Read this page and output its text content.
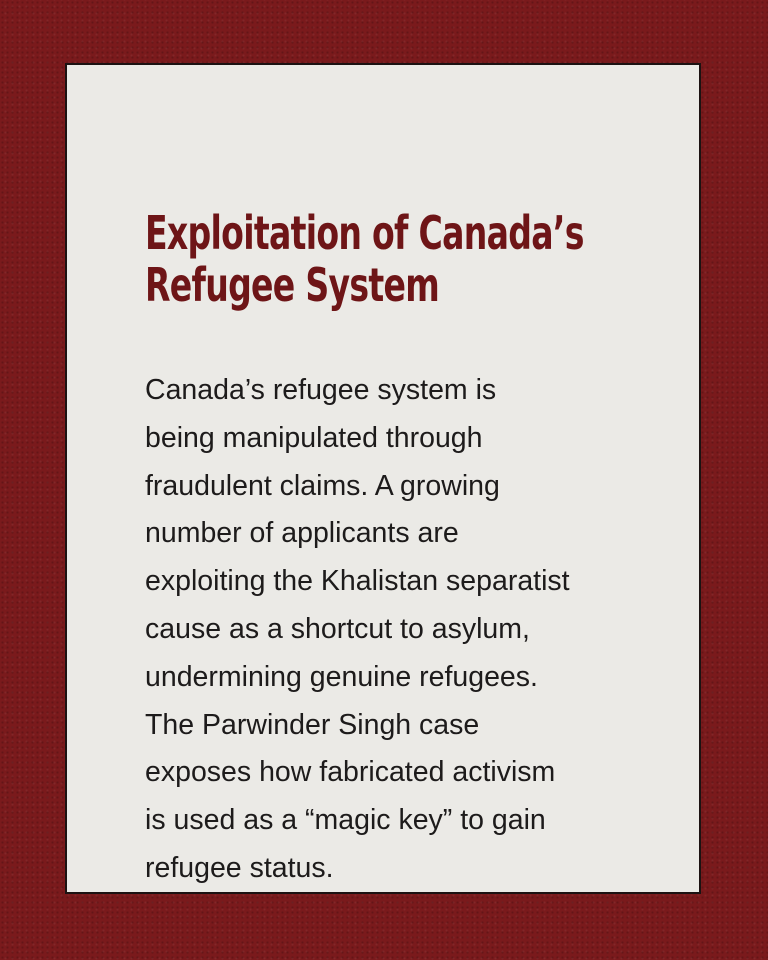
Exploitation of Canada’s
Refugee System

Canada’s refugee system is
being manipulated through
fraudulent claims. A growing
number of applicants are
exploiting the Khalistan separatist
cause as a shortcut to asylum,
undermining genuine refugees.
The Parwinder Singh case
exposes how fabricated activism
is used as a “magic key” to gain
refugee status.
